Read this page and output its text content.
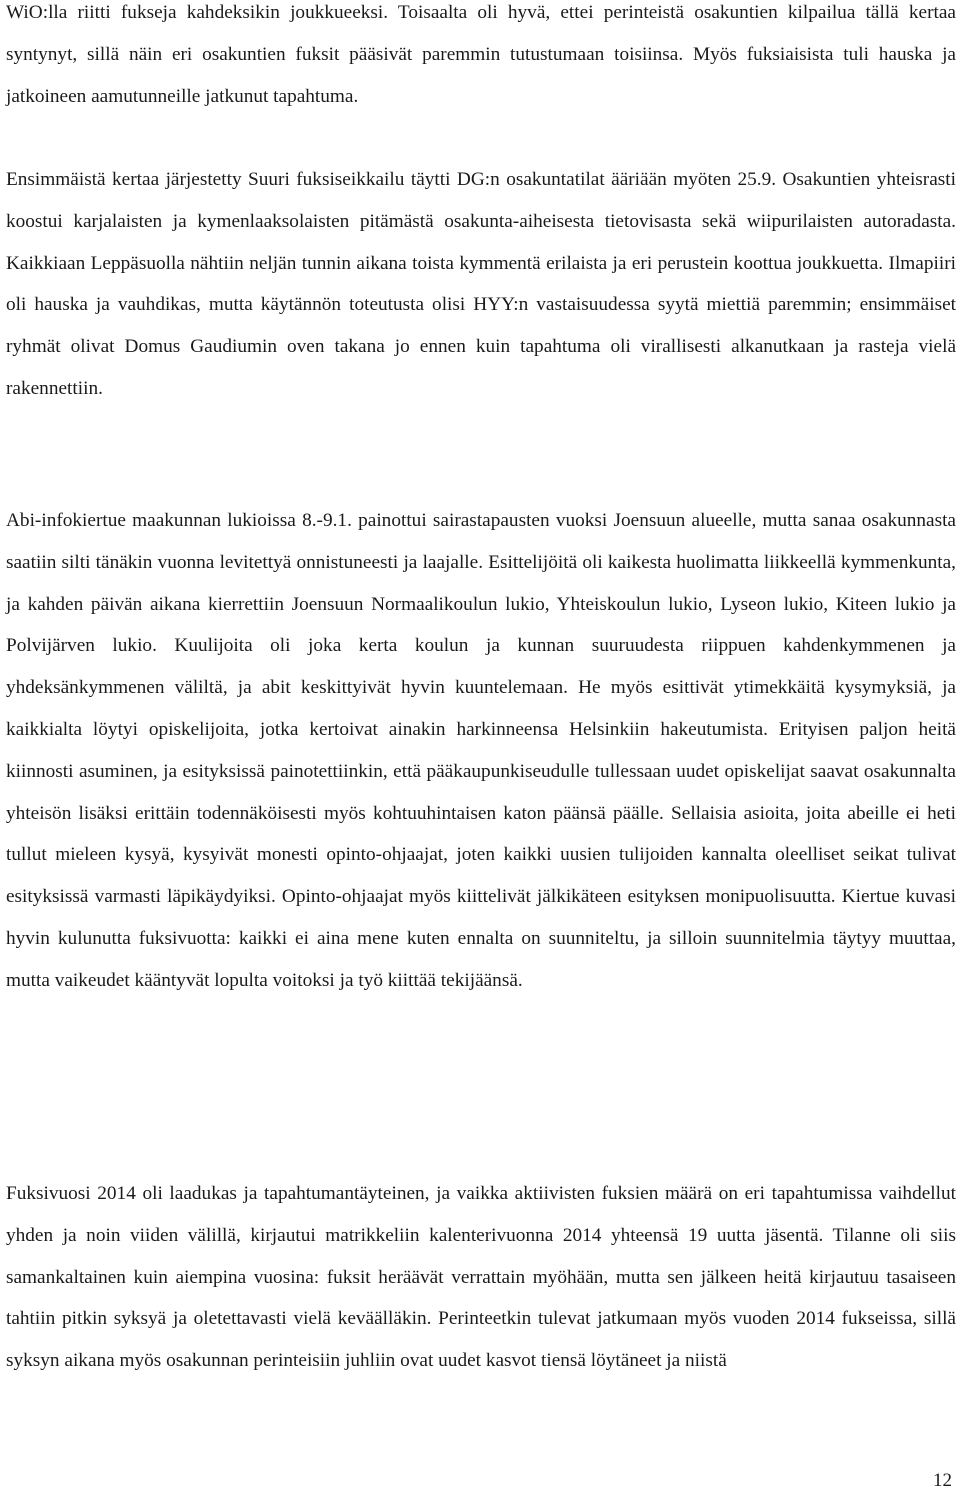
WiO:lla riitti fukseja kahdeksikin joukkueeksi. Toisaalta oli hyvä, ettei perinteistä osakuntien kilpailua tällä kertaa syntynyt, sillä näin eri osakuntien fuksit pääsivät paremmin tutustumaan toisiinsa. Myös fuksiaisista tuli hauska ja jatkoineen aamutunneille jatkunut tapahtuma.

Ensimmäistä kertaa järjestetty Suuri fuksiseikkailu täytti DG:n osakuntatilat ääriään myöten 25.9. Osakuntien yhteisrasti koostui karjalaisten ja kymenlaaksolaisten pitämästä osakunta-aiheisesta tietovisasta sekä wiipurilaisten autoradasta. Kaikkiaan Leppäsuolla nähtiin neljän tunnin aikana toista kymmentä erilaista ja eri perustein koottua joukkuetta. Ilmapiiri oli hauska ja vauhdikas, mutta käytännön toteutusta olisi HYY:n vastaisuudessa syytä miettiä paremmin; ensimmäiset ryhmät olivat Domus Gaudiumin oven takana jo ennen kuin tapahtuma oli virallisesti alkanutkaan ja rasteja vielä rakennettiin.

Abi-infokiertue maakunnan lukioissa 8.-9.1. painottui sairastapausten vuoksi Joensuun alueelle, mutta sanaa osakunnasta saatiin silti tänäkin vuonna levitettyä onnistuneesti ja laajalle. Esittelijöitä oli kaikesta huolimatta liikkeellä kymmenkunta, ja kahden päivän aikana kierrettiin Joensuun Normaalikoulun lukio, Yhteiskoulun lukio, Lyseon lukio, Kiteen lukio ja Polvijärven lukio. Kuulijoita oli joka kerta koulun ja kunnan suuruudesta riippuen kahdenkymmenen ja yhdeksänkymmenen väliltä, ja abit keskittyivät hyvin kuuntelemaan. He myös esittivät ytimekkäitä kysymyksiä, ja kaikkialta löytyi opiskelijoita, jotka kertoivat ainakin harkinneensa Helsinkiin hakeutumista. Erityisen paljon heitä kiinnosti asuminen, ja esityksissä painotettiinkin, että pääkaupunkiseudulle tullessaan uudet opiskelijat saavat osakunnalta yhteisön lisäksi erittäin todennäköisesti myös kohtuuhintaisen katon päänsä päälle. Sellaisia asioita, joita abeille ei heti tullut mieleen kysyä, kysyivät monesti opinto-ohjaajat, joten kaikki uusien tulijoiden kannalta oleelliset seikat tulivat esityksissä varmasti läpikäydyiksi. Opinto-ohjaajat myös kiittelivät jälkikäteen esityksen monipuolisuutta. Kiertue kuvasi hyvin kulunutta fuksivuotta: kaikki ei aina mene kuten ennalta on suunniteltu, ja silloin suunnitelmia täytyy muuttaa, mutta vaikeudet kääntyvät lopulta voitoksi ja työ kiittää tekijäänsä.

Fuksivuosi 2014 oli laadukas ja tapahtumantäyteinen, ja vaikka aktiivisten fuksien määrä on eri tapahtumissa vaihdellut yhden ja noin viiden välillä, kirjautui matrikkeliin kalenterivuonna 2014 yhteensä 19 uutta jäsentä. Tilanne oli siis samankaltainen kuin aiempina vuosina: fuksit heräävät verrattain myöhään, mutta sen jälkeen heitä kirjautuu tasaiseen tahtiin pitkin syksyä ja oletettavasti vielä keväälläkin. Perinteetkin tulevat jatkumaan myös vuoden 2014 fukseissa, sillä syksyn aikana myös osakunnan perinteisiin juhliin ovat uudet kasvot tiensä löytäneet ja niistä

12
